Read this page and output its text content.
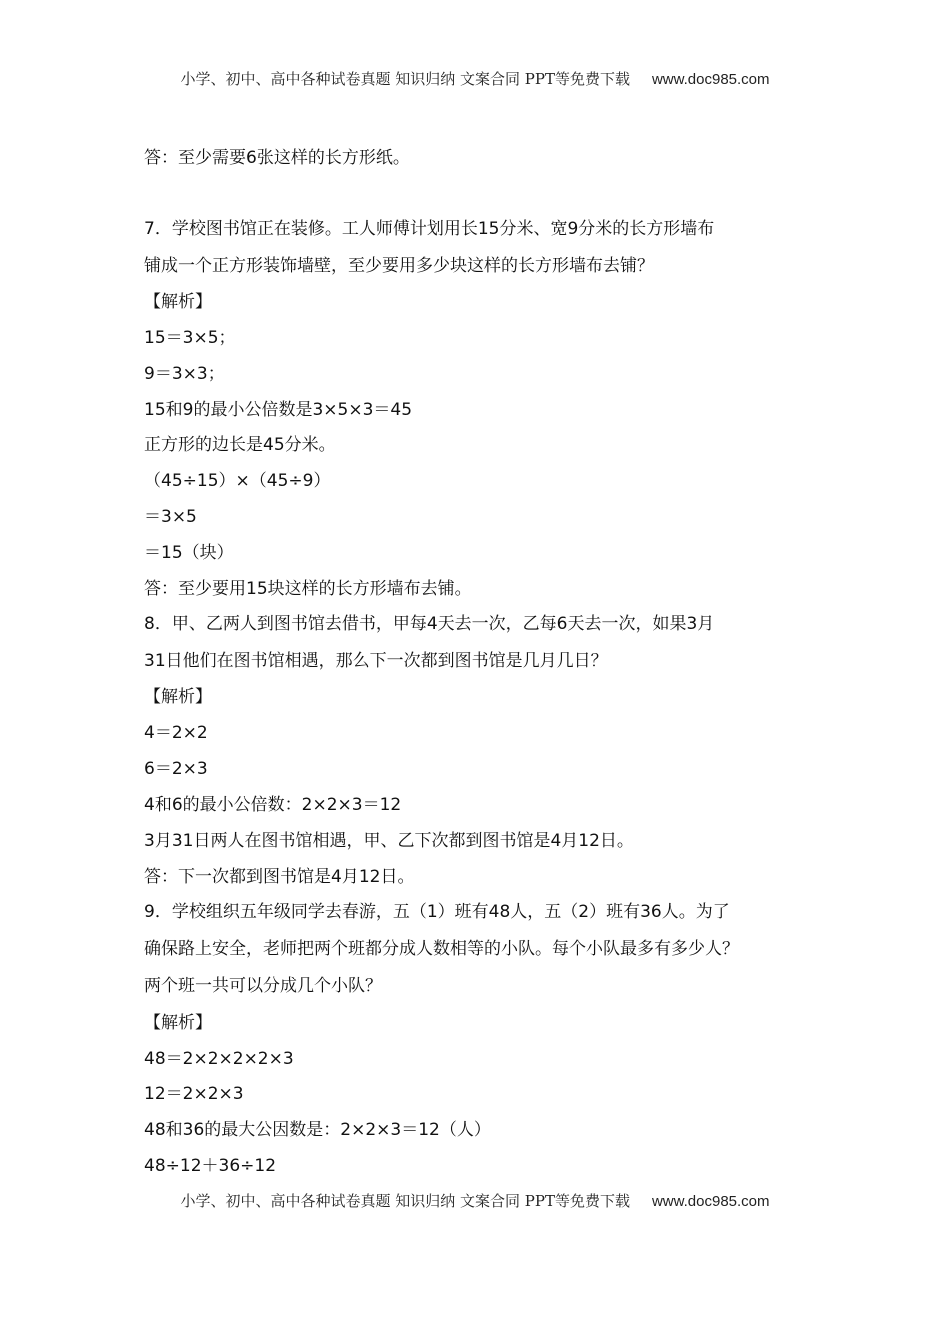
小学、初中、高中各种试卷真题 知识归纳 文案合同 PPT等免费下载 www.doc985.com
答：至少需要6张这样的长方形纸。
7．学校图书馆正在装修。工人师傅计划用长15分米、宽9分米的长方形墙布
铺成一个正方形装饰墙壁，至少要用多少块这样的长方形墙布去铺？
【解析】
15＝3×5；
9＝3×3；
15和9的最小公倍数是3×5×3＝45
正方形的边长是45分米。
（45÷15）×（45÷9）
＝3×5
＝15（块）
答：至少要用15块这样的长方形墙布去铺。
8．甲、乙两人到图书馆去借书，甲每4天去一次，乙每6天去一次，如果3月
31日他们在图书馆相遇，那么下一次都到图书馆是几月几日？
【解析】
4＝2×2
6＝2×3
4和6的最小公倍数：2×2×3＝12
3月31日两人在图书馆相遇，甲、乙下次都到图书馆是4月12日。
答：下一次都到图书馆是4月12日。
9．学校组织五年级同学去春游，五（1）班有48人，五（2）班有36人。为了
确保路上安全，老师把两个班都分成人数相等的小队。每个小队最多有多少人？
两个班一共可以分成几个小队？
【解析】
48＝2×2×2×2×3
12＝2×2×3
48和36的最大公因数是：2×2×3＝12（人）
48÷12＋36÷12
小学、初中、高中各种试卷真题 知识归纳 文案合同 PPT等免费下载 www.doc985.com
